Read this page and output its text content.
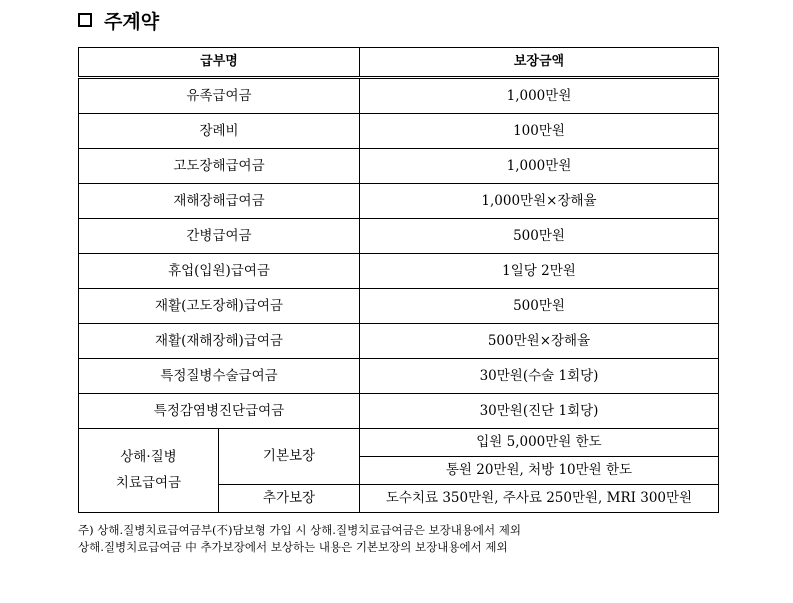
주계약
급부명		보장금액
유족급여금		1,000만원
장례비		100만원
고도장해급여금		1,000만원
재해장해급여금		1,000만원×장해율
간병급여금		500만원
휴업(입원)급여금		1일당 2만원
재활(고도장해)급여금		500만원
재활(재해장해)급여금		500만원×장해율
특정질병수술급여금		30만원(수술 1회당)
특정감염병진단급여금		30만원(진단 1회당)
상해·질병
치료급여금	기본보장	입원 5,000만원 한도
		통원 20만원, 처방 10만원 한도
	추가보장	도수치료 350만원, 주사료 250만원, MRI 300만원
주) 상해.질병치료급여금부(不)담보형 가입 시 상해.질병치료급여금은 보장내용에서 제외
상해.질병치료급여금 中 추가보장에서 보상하는 내용은 기본보장의 보장내용에서 제외
